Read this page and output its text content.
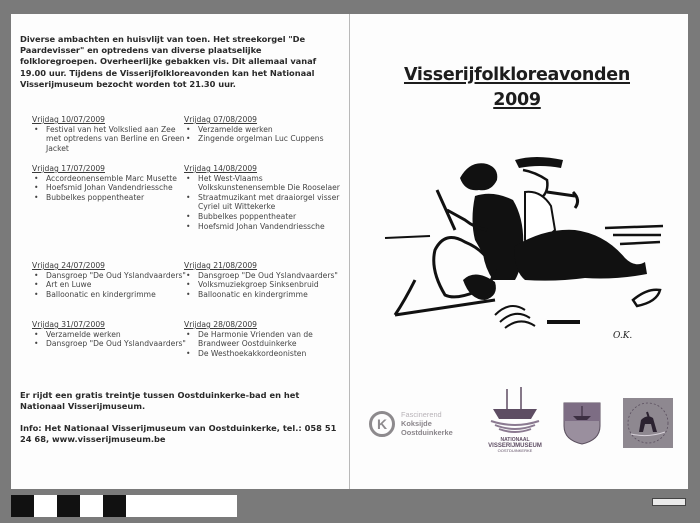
Diverse ambachten en huisvlijt van toen. Het streekorgel "De Paardevisser" en optredens van diverse plaatselijke folkloregroepen. Overheerlijke gebakken vis. Dit allemaal vanaf 19.00 uur. Tijdens de Visserijfolkloreavonden kan het Nationaal Visserijmuseum bezocht worden tot 21.30 uur.
Vrijdag 10/07/2009
• Festival van het Volkslied aan Zee met optredens van Berline en Green Jacket
Vrijdag 17/07/2009
• Accordeonensemble Marc Musette
• Hoefsmid Johan Vandendriessche
• Bubbelkes poppentheater
Vrijdag 24/07/2009
• Dansgroep "De Oud Yslandvaarders"
• Art en Luwe
• Balloonatic en kindergrimme
Vrijdag 31/07/2009
• Verzamelde werken
• Dansgroep "De Oud Yslandvaarders"
Vrijdag 07/08/2009
• Verzamelde werken
• Zingende orgelman Luc Cuppens
Vrijdag 14/08/2009
• Het West-Vlaams Volkskunstenensemble Die Rooselaer
• Straatmuzikant met draaiorgel visser Cyriel uit Wittekerke
• Bubbelkes poppentheater
• Hoefsmid Johan Vandendriessche
Vrijdag 21/08/2009
• Dansgroep "De Oud Yslandvaarders"
• Volksmuziekgroep Sinksenbruid
• Balloonatic en kindergrimme
Vrijdag 28/08/2009
• De Harmonie Vrienden van de Brandweer Oostduinkerke
• De Westhoekakkordeonisten
Er rijdt een gratis treintje tussen Oostduinkerke-bad en het Nationaal Visserijmuseum.
Info: Het Nationaal Visserijmuseum van Oostduinkerke, tel.: 058 51 24 68, www.visserijmuseum.be
Visserijfolkloreavonden
2009
O.K.
K
Fascinerend
Koksijde
Oostduinkerke
NATIONAAL
VISSERIJMUSEUM
OOSTDUINKERKE
